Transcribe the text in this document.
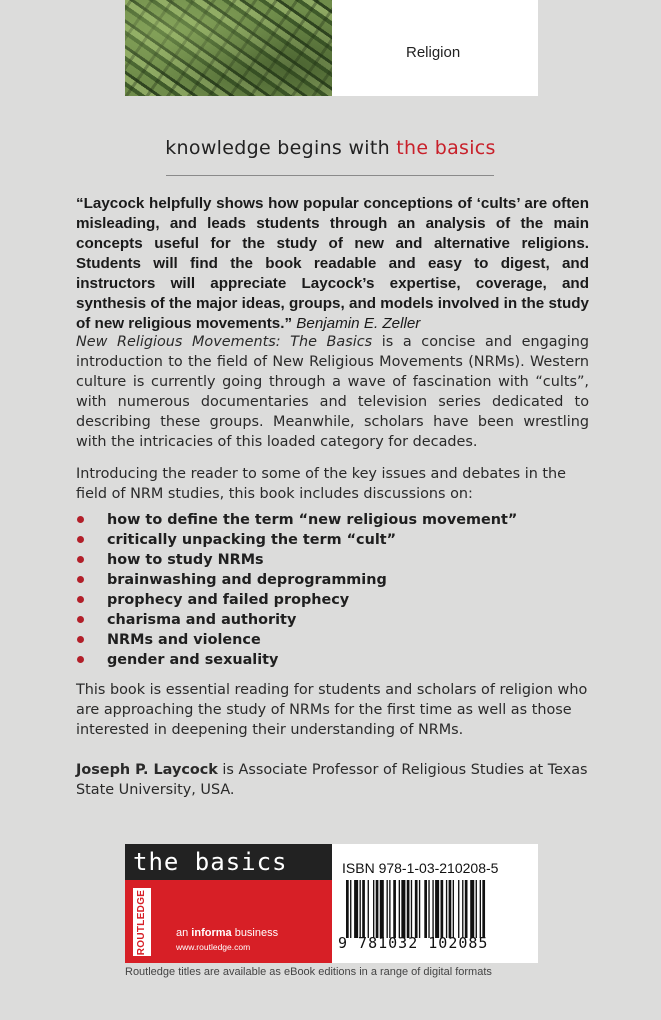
Religion
knowledge begins with the basics
“Laycock helpfully shows how popular conceptions of ‘cults’ are often misleading, and leads students through an analysis of the main concepts useful for the study of new and alternative religions. Students will find the book readable and easy to digest, and instructors will appreciate Laycock’s expertise, coverage, and synthesis of the major ideas, groups, and models involved in the study of new religious movements.” Benjamin E. Zeller
New Religious Movements: The Basics is a concise and engaging introduction to the field of New Religious Movements (NRMs). Western culture is currently going through a wave of fascination with “cults”, with numerous documentaries and television series dedicated to describing these groups. Meanwhile, scholars have been wrestling with the intricacies of this loaded category for decades.
Introducing the reader to some of the key issues and debates in the field of NRM studies, this book includes discussions on:
how to define the term “new religious movement”
critically unpacking the term “cult”
how to study NRMs
brainwashing and deprogramming
prophecy and failed prophecy
charisma and authority
NRMs and violence
gender and sexuality
This book is essential reading for students and scholars of religion who are approaching the study of NRMs for the first time as well as those interested in deepening their understanding of NRMs.
Joseph P. Laycock is Associate Professor of Religious Studies at Texas State University, USA.
the basics
ROUTLEDGE	an informa business
www.routledge.com
ISBN 978-1-03-210208-5
9 781032 102085
Routledge titles are available as eBook editions in a range of digital formats
